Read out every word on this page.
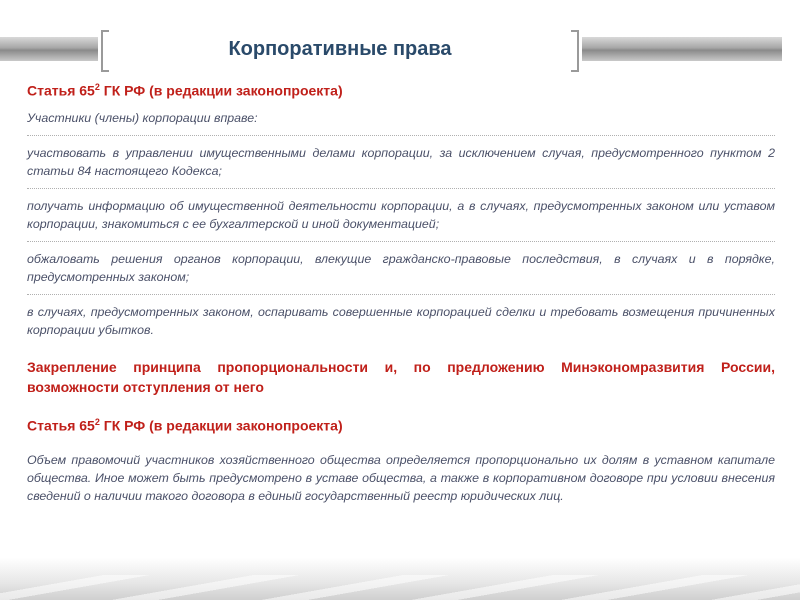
Корпоративные права
Статья $65^2$ ГК РФ (в редакции законопроекта)

Участники (члены) корпорации вправе:

участвовать в управлении имущественными делами корпорации, за исключением случая, предусмотренного пунктом 2 статьи 84 настоящего Кодекса;

получать информацию об имущественной деятельности корпорации, а в случаях, предусмотренных законом или уставом корпорации, знакомиться с ее бухгалтерской и иной документацией;

обжаловать решения органов корпорации, влекущие гражданско-правовые последствия, в случаях и в порядке, предусмотренных законом;

в случаях, предусмотренных законом, оспаривать совершенные корпорацией сделки и требовать возмещения причиненных корпорации убытков.

Закрепление принципа пропорциональности и, по предложению Минэкономразвития России, возможности отступления от него
Статья $65^2$ ГК РФ (в редакции законопроекта)

Объем правомочий участников хозяйственного общества определяется пропорционально их долям в уставном капитале общества. Иное может быть предусмотрено в уставе общества, а также в корпоративном договоре при условии внесения сведений о наличии такого договора в единый государственный реестр юридических лиц.
